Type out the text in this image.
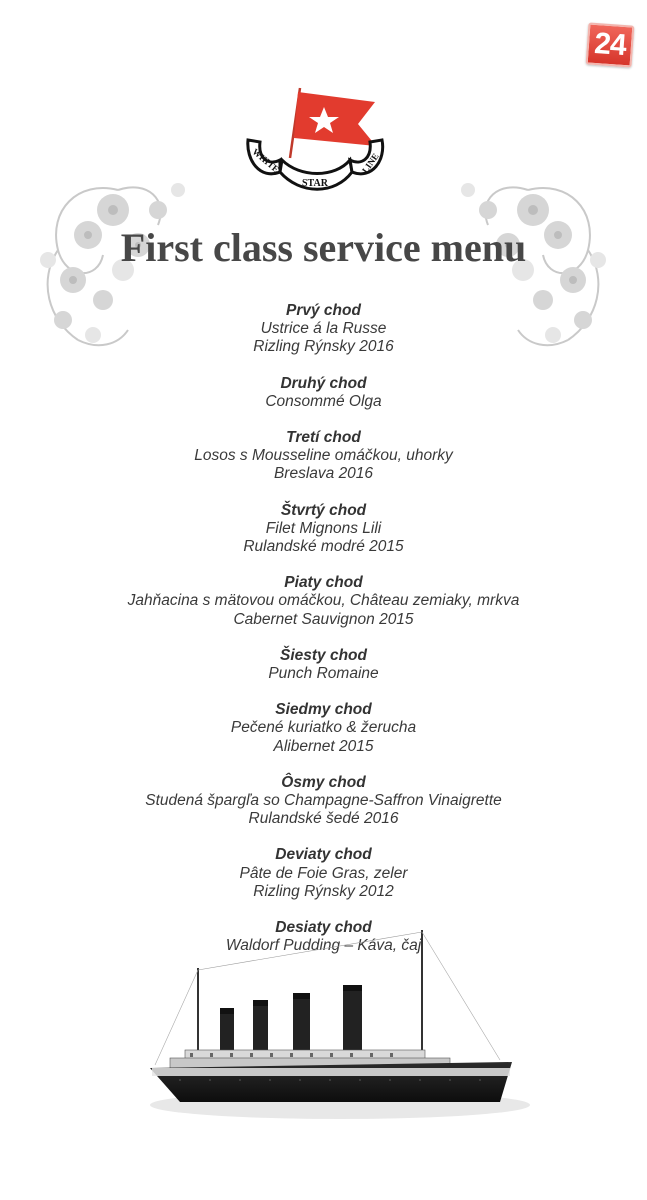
24
WHITE
STAR
LINE
First class service menu
Prvý chod
Ustrice á la Russe
Rizling Rýnsky 2016
Druhý chod
Consommé Olga
Tretí chod
Losos s Mousseline omáčkou, uhorky
Breslava 2016
Štvrtý chod
Filet Mignons Lili
Rulandské modré 2015
Piaty chod
Jahňacina s mätovou omáčkou, Château zemiaky, mrkva
Cabernet Sauvignon 2015
Šiesty chod
Punch Romaine
Siedmy chod
Pečené kuriatko & žerucha
Alibernet 2015
Ôsmy chod
Studená špargľa so Champagne-Saffron Vinaigrette
Rulandské šedé 2016
Deviaty chod
Pâte de Foie Gras, zeler
Rizling Rýnsky 2012
Desiaty chod
Waldorf Pudding – Káva, čaj
